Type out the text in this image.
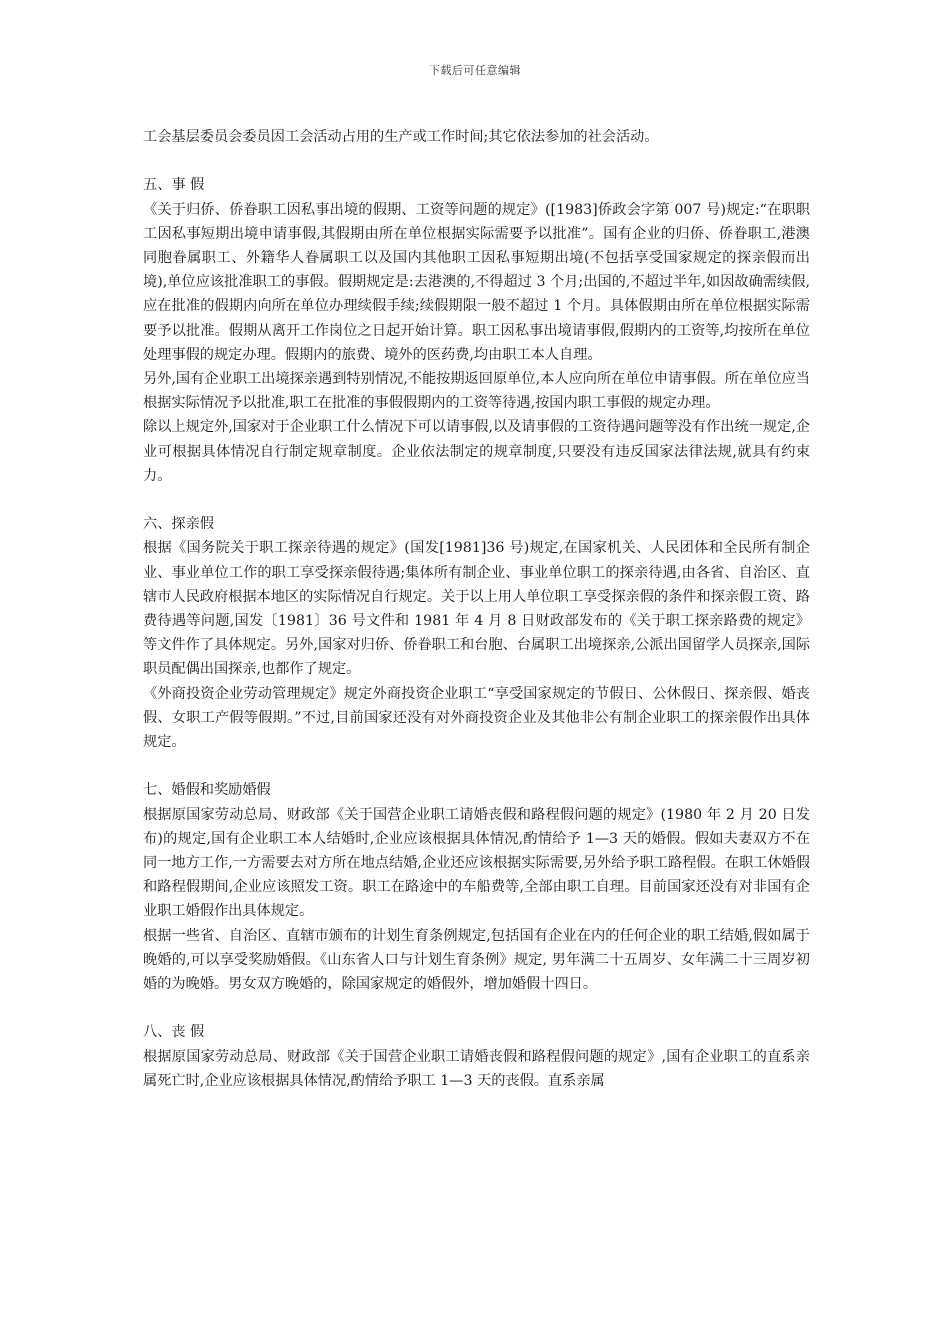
下载后可任意编辑

工会基层委员会委员因工会活动占用的生产或工作时间;其它依法参加的社会活动。

五、事 假

《关于归侨、侨眷职工因私事出境的假期、工资等问题的规定》([1983]侨政会字第 007 号)规定:“在职职工因私事短期出境申请事假,其假期由所在单位根据实际需要予以批准”。国有企业的归侨、侨眷职工,港澳同胞眷属职工、外籍华人眷属职工以及国内其他职工因私事短期出境(不包括享受国家规定的探亲假而出境),单位应该批准职工的事假。假期规定是:去港澳的,不得超过 3 个月;出国的,不超过半年,如因故确需续假,应在批准的假期内向所在单位办理续假手续;续假期限一般不超过 1 个月。具体假期由所在单位根据实际需要予以批准。假期从离开工作岗位之日起开始计算。职工因私事出境请事假,假期内的工资等,均按所在单位处理事假的规定办理。假期内的旅费、境外的医药费,均由职工本人自理。

另外,国有企业职工出境探亲遇到特别情况,不能按期返回原单位,本人应向所在单位申请事假。所在单位应当根据实际情况予以批准,职工在批准的事假假期内的工资等待遇,按国内职工事假的规定办理。

除以上规定外,国家对于企业职工什么情况下可以请事假,以及请事假的工资待遇问题等没有作出统一规定,企业可根据具体情况自行制定规章制度。企业依法制定的规章制度,只要没有违反国家法律法规,就具有约束力。

六、探亲假

根据《国务院关于职工探亲待遇的规定》(国发[1981]36 号)规定,在国家机关、人民团体和全民所有制企业、事业单位工作的职工享受探亲假待遇;集体所有制企业、事业单位职工的探亲待遇,由各省、自治区、直辖市人民政府根据本地区的实际情况自行规定。关于以上用人单位职工享受探亲假的条件和探亲假工资、路费待遇等问题,国发〔1981〕36 号文件和 1981 年 4 月 8 日财政部发布的《关于职工探亲路费的规定》等文件作了具体规定。另外,国家对归侨、侨眷职工和台胞、台属职工出境探亲,公派出国留学人员探亲,国际职员配偶出国探亲,也都作了规定。

《外商投资企业劳动管理规定》规定外商投资企业职工“享受国家规定的节假日、公休假日、探亲假、婚丧假、女职工产假等假期。”不过,目前国家还没有对外商投资企业及其他非公有制企业职工的探亲假作出具体规定。

七、婚假和奖励婚假

根据原国家劳动总局、财政部《关于国营企业职工请婚丧假和路程假问题的规定》(1980 年 2 月 20 日发布)的规定,国有企业职工本人结婚时,企业应该根据具体情况,酌情给予 1—3 天的婚假。假如夫妻双方不在同一地方工作,一方需要去对方所在地点结婚,企业还应该根据实际需要,另外给予职工路程假。在职工休婚假和路程假期间,企业应该照发工资。职工在路途中的车船费等,全部由职工自理。目前国家还没有对非国有企业职工婚假作出具体规定。

根据一些省、自治区、直辖市颁布的计划生育条例规定,包括国有企业在内的任何企业的职工结婚,假如属于晚婚的,可以享受奖励婚假。《山东省人口与计划生育条例》规定, 男年满二十五周岁、女年满二十三周岁初婚的为晚婚。男女双方晚婚的，除国家规定的婚假外，增加婚假十四日。

八、丧 假

根据原国家劳动总局、财政部《关于国营企业职工请婚丧假和路程假问题的规定》,国有企业职工的直系亲属死亡时,企业应该根据具体情况,酌情给予职工 1—3 天的丧假。直系亲属
